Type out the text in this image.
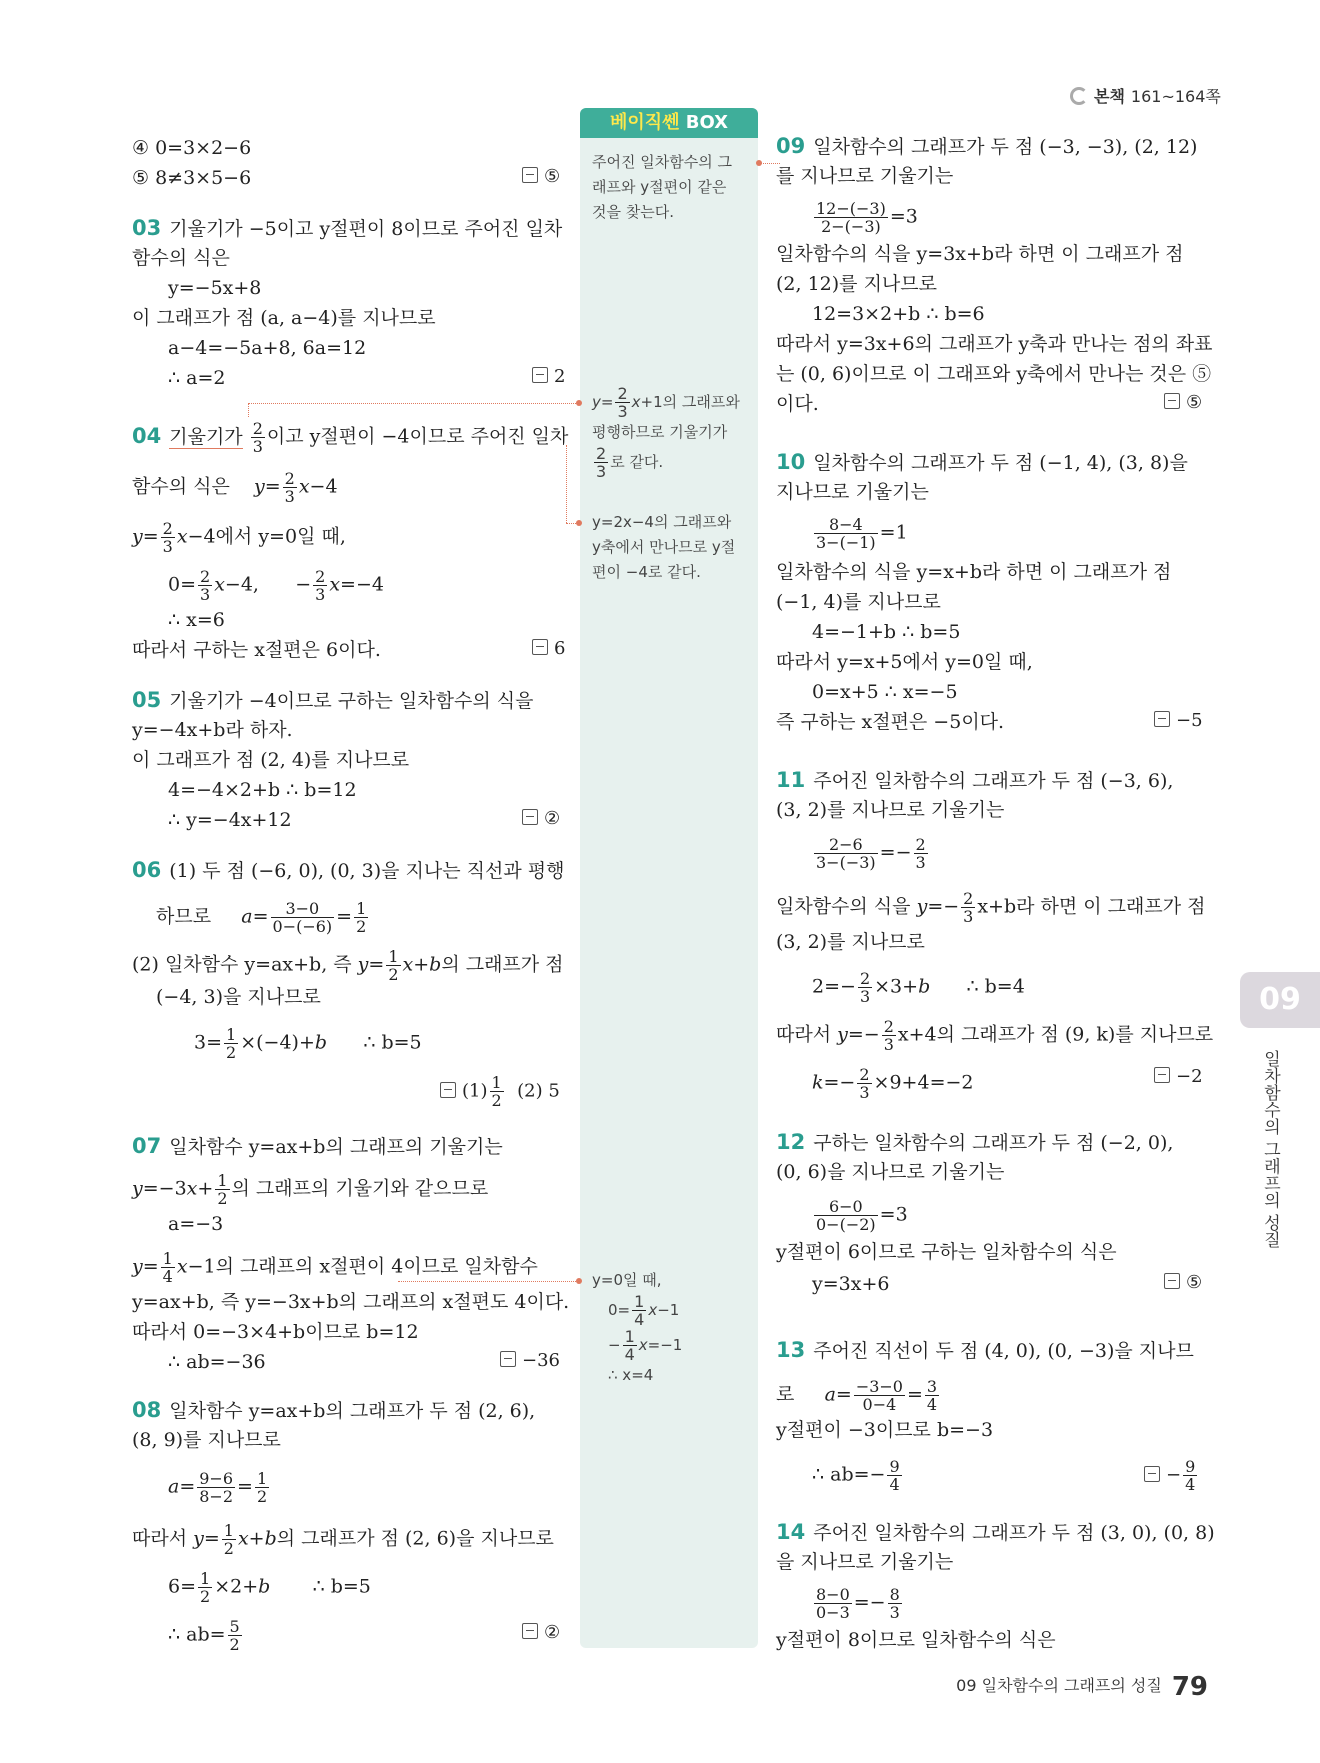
본책 161~164쪽
베이직쎈 BOX
주어진 일차함수의 그
래프와 y절편이 같은
것을 찾는다.
$y= \frac{2}{3} x+1$의 그래프와
평행하므로 기울기가
$\frac{2}{3}$ 로 같다.
y=2x−4의 그래프와
y축에서 만나므로 y절
편이 −4로 같다.
y=0일 때,
$0= \frac{1}{4} x-1$
− $\frac{1}{4} x=-1$
∴ x=4
④ 0=3×2−6
⑤ 8≠3×5−6	⑤
03 기울기가 −5이고 y절편이 8이므로 주어진 일차
함수의 식은
y=−5x+8
이 그래프가 점 (a, a−4)를 지나므로
a−4=−5a+8, 6a=12
∴ a=2	2
04 기울기가 $\frac{2}{3}$ 이고 y절편이 −4이므로 주어진 일차
함수의 식은 $y= \frac{2}{3} x-4$
$y= \frac{2}{3} x-4$에서 y=0일 때,
$0= \frac{2}{3} x-4$,      − $\frac{2}{3} x=-4$
∴ x=6
따라서 구하는 x절편은 6이다.	6
05 기울기가 −4이므로 구하는 일차함수의 식을
y=−4x+b라 하자.
이 그래프가 점 (2, 4)를 지나므로
4=−4×2+b ∴ b=12
∴ y=−4x+12	②
06 (1) 두 점 (−6, 0), (0, 3)을 지나는 직선과 평행
하므로 $a= \frac{3-0}{0-(-6)} = \frac{1}{2}$
(2) 일차함수 y=ax+b, 즉 $y= \frac{1}{2} x+b$의 그래프가 점
(−4, 3)을 지나므로
$3= \frac{1}{2} \times(-4)+b$ ∴ b=5
$(1) \frac{1}{2} (2)$ 5
07 일차함수 y=ax+b의 그래프의 기울기는
$y=-3x+ \frac{1}{2}$ 의 그래프의 기울기와 같으므로
a=−3
$y= \frac{1}{4} x-1$의 그래프의 x절편이 4이므로 일차함수
y=ax+b, 즉 y=−3x+b의 그래프의 x절편도 4이다.
따라서 0=−3×4+b이므로 b=12
∴ ab=−36	−36
08 일차함수 y=ax+b의 그래프가 두 점 (2, 6),
(8, 9)를 지나므로
$a= \frac{9-6}{8-2} = \frac{1}{2}$
따라서 $y= \frac{1}{2} x+b$의 그래프가 점 (2, 6)을 지나므로
$6= \frac{1}{2} \times 2+b$ ∴ b=5
∴ $ab= \frac{5}{2}$	②
09 일차함수의 그래프가 두 점 (−3, −3), (2, 12)
를 지나므로 기울기는
$\frac{12-(-3)}{2-(-3)} =3$
일차함수의 식을 y=3x+b라 하면 이 그래프가 점
(2, 12)를 지나므로
12=3×2+b ∴ b=6
따라서 y=3x+6의 그래프가 y축과 만나는 점의 좌표
는 (0, 6)이므로 이 그래프와 y축에서 만나는 것은 ⑤
이다.	⑤
10 일차함수의 그래프가 두 점 (−1, 4), (3, 8)을
지나므로 기울기는
$\frac{8-4}{3-(-1)} =1$
일차함수의 식을 y=x+b라 하면 이 그래프가 점
(−1, 4)를 지나므로
4=−1+b ∴ b=5
따라서 y=x+5에서 y=0일 때,
0=x+5 ∴ x=−5
즉 구하는 x절편은 −5이다.	−5
11 주어진 일차함수의 그래프가 두 점 (−3, 6),
(3, 2)를 지나므로 기울기는
$\frac{2-6}{3-(-3)} =- \frac{2}{3}$
일차함수의 식을 $y=- \frac{2}{3} x+b$라 하면 이 그래프가 점
(3, 2)를 지나므로
$2=- \frac{2}{3} \times 3+b$ ∴ b=4
따라서 $y=- \frac{2}{3} x+4$의 그래프가 점 (9, k)를 지나므로
$k=- \frac{2}{3} \times 9+4=-2$	−2
12 구하는 일차함수의 그래프가 두 점 (−2, 0),
(0, 6)을 지나므로 기울기는
$\frac{6-0}{0-(-2)} =3$
y절편이 6이므로 구하는 일차함수의 식은
y=3x+6	⑤
13 주어진 직선이 두 점 (4, 0), (0, −3)을 지나므
로 $a= \frac{-3-0}{0-4} = \frac{3}{4}$
y절편이 −3이므로 b=−3
∴ $ab=- \frac{9}{4}$	− $\frac{9}{4}$
14 주어진 일차함수의 그래프가 두 점 (3, 0), (0, 8)
을 지나므로 기울기는
$\frac{8-0}{0-3} =- \frac{8}{3}$
y절편이 8이므로 일차함수의 식은
09
일차함수의 그래프의 성질
09 일차함수의 그래프의 성질 79
